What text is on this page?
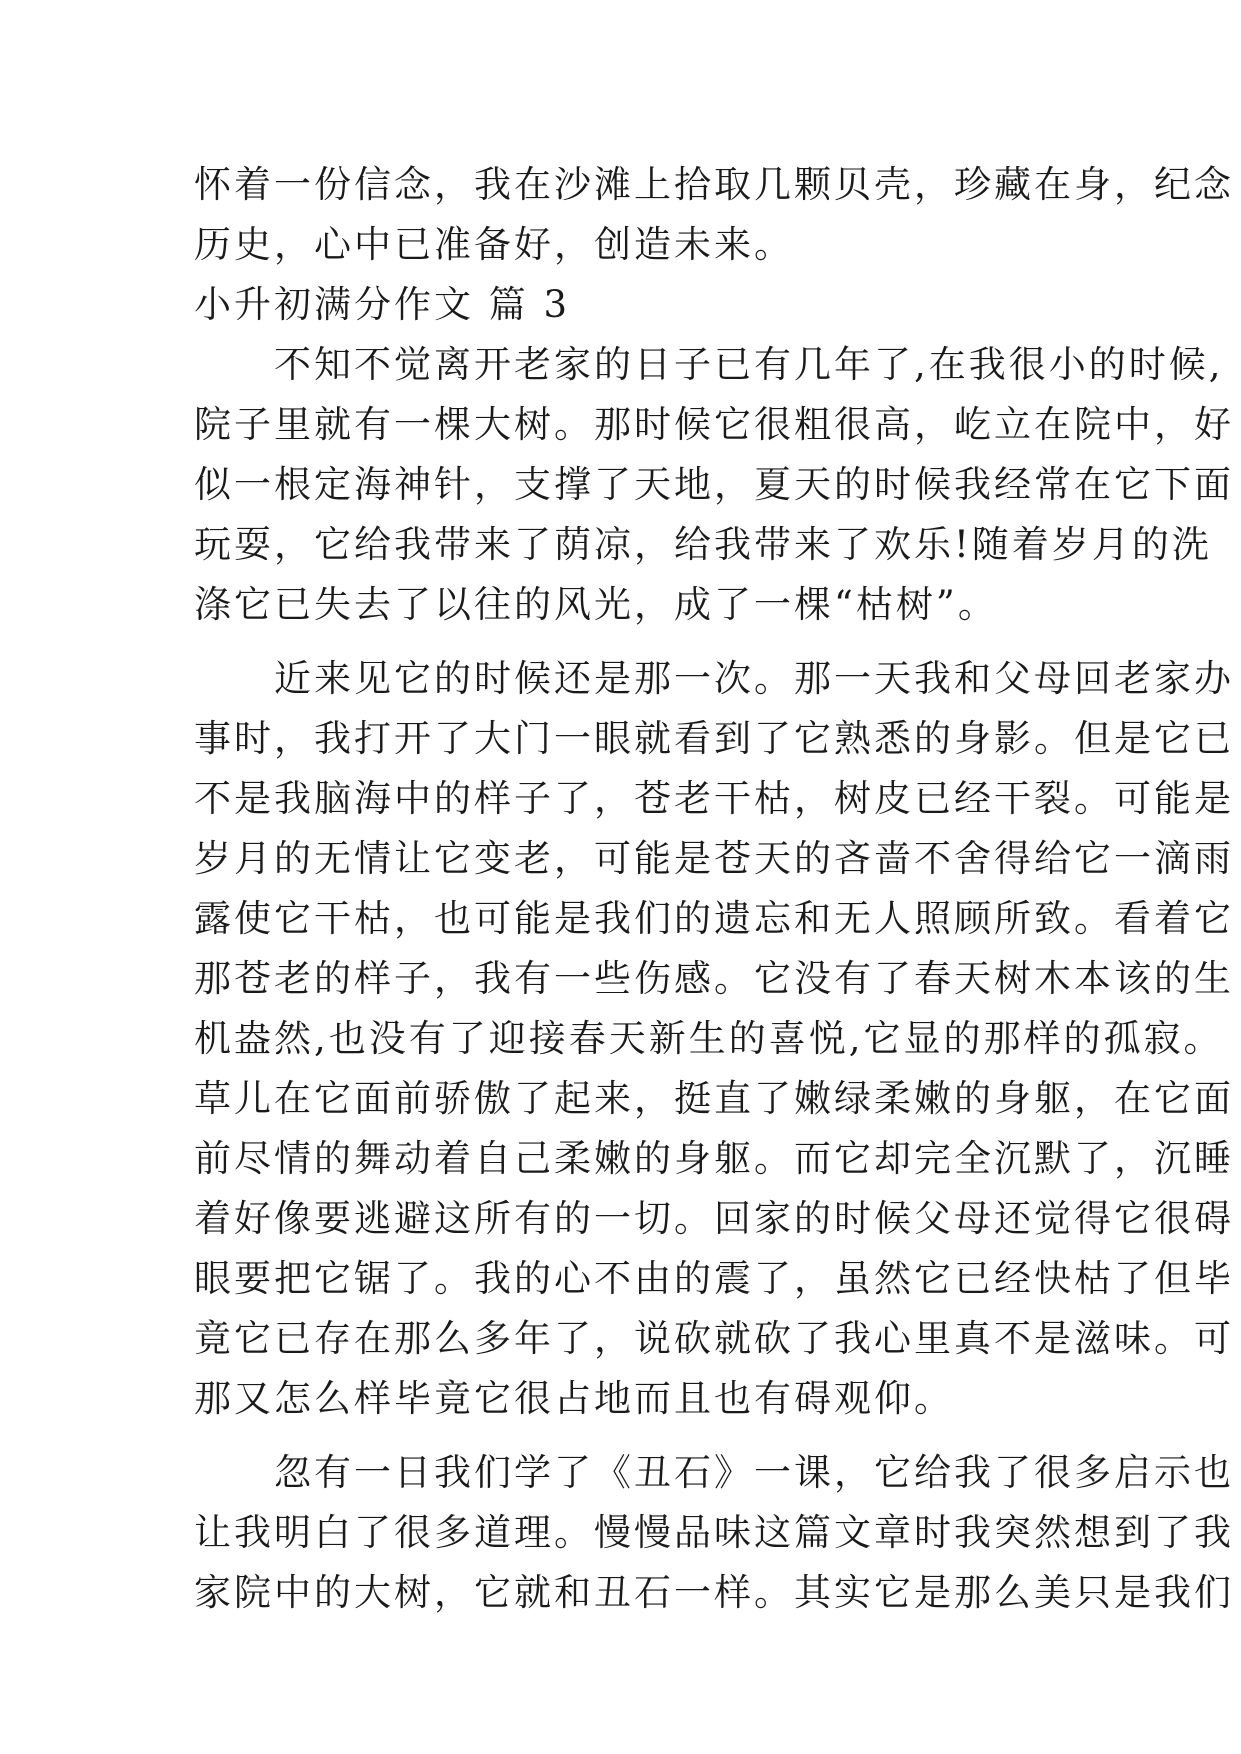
怀着一份信念，我在沙滩上拾取几颗贝壳，珍藏在身，纪念
历史，心中已准备好，创造未来。
小升初满分作文 篇 3
　　不知不觉离开老家的日子已有几年了,在我很小的时候,
院子里就有一棵大树。那时候它很粗很高，屹立在院中，好
似一根定海神针，支撑了天地，夏天的时候我经常在它下面
玩耍，它给我带来了荫凉，给我带来了欢乐!随着岁月的洗
涤它已失去了以往的风光，成了一棵“枯树”。
　　近来见它的时候还是那一次。那一天我和父母回老家办
事时，我打开了大门一眼就看到了它熟悉的身影。但是它已
不是我脑海中的样子了，苍老干枯，树皮已经干裂。可能是
岁月的无情让它变老，可能是苍天的吝啬不舍得给它一滴雨
露使它干枯，也可能是我们的遗忘和无人照顾所致。看着它
那苍老的样子，我有一些伤感。它没有了春天树木本该的生
机盎然,也没有了迎接春天新生的喜悦,它显的那样的孤寂。
草儿在它面前骄傲了起来，挺直了嫩绿柔嫩的身躯，在它面
前尽情的舞动着自己柔嫩的身躯。而它却完全沉默了，沉睡
着好像要逃避这所有的一切。回家的时候父母还觉得它很碍
眼要把它锯了。我的心不由的震了，虽然它已经快枯了但毕
竟它已存在那么多年了，说砍就砍了我心里真不是滋味。可
那又怎么样毕竟它很占地而且也有碍观仰。
　　忽有一日我们学了《丑石》一课，它给我了很多启示也
让我明白了很多道理。慢慢品味这篇文章时我突然想到了我
家院中的大树，它就和丑石一样。其实它是那么美只是我们
